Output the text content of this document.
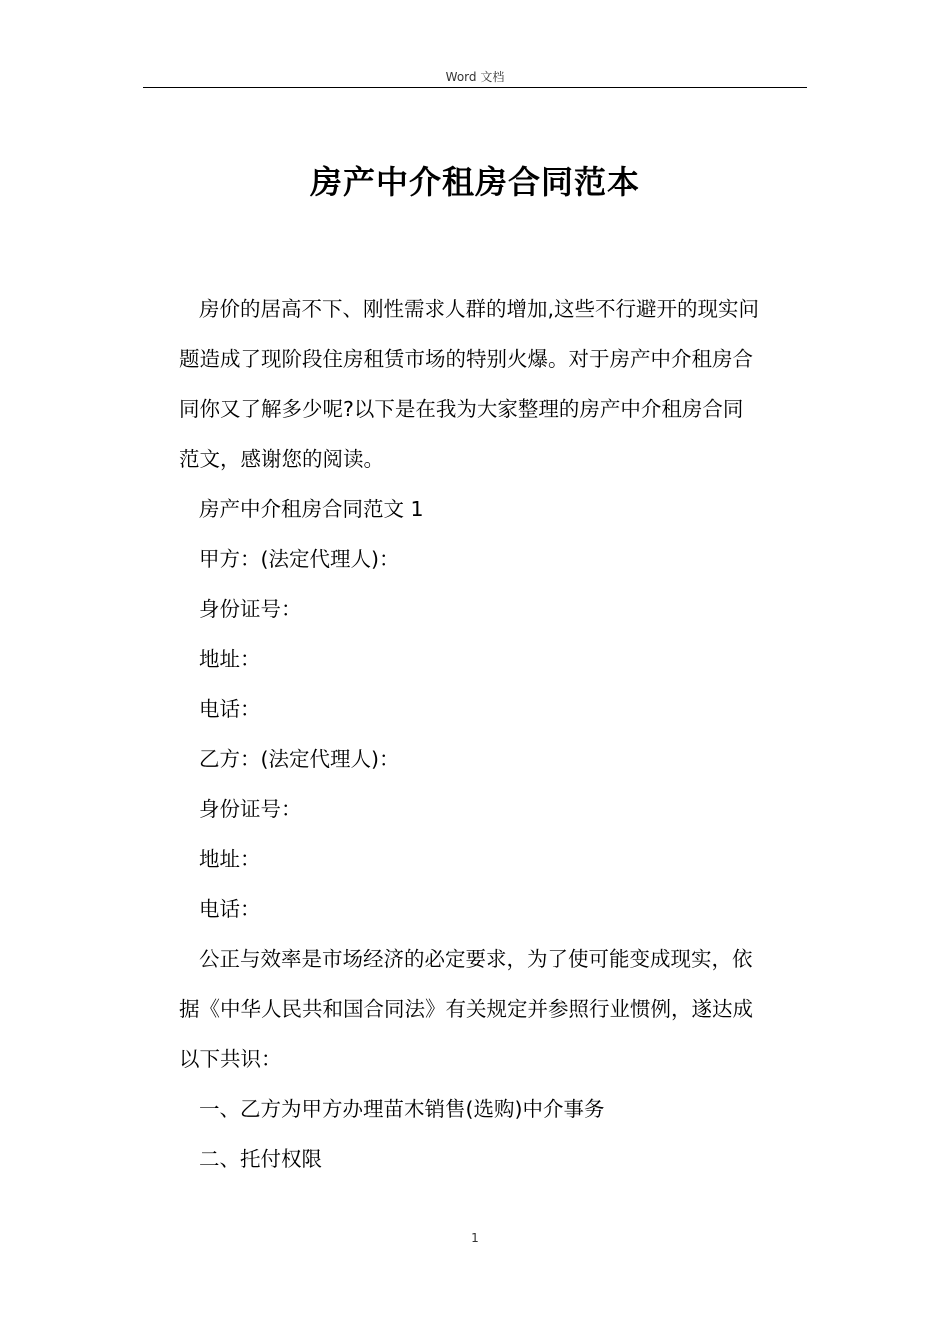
Word 文档
房产中介租房合同范本

房价的居高不下、刚性需求人群的增加,这些不行避开的现实问
题造成了现阶段住房租赁市场的特别火爆。对于房产中介租房合
同你又了解多少呢?以下是在我为大家整理的房产中介租房合同
范文，感谢您的阅读。

房产中介租房合同范文 1

甲方：(法定代理人)：

身份证号：

地址：

电话：

乙方：(法定代理人)：

身份证号：

地址：

电话：

公正与效率是市场经济的必定要求，为了使可能变成现实，依
据《中华人民共和国合同法》有关规定并参照行业惯例，遂达成
以下共识：

一、乙方为甲方办理苗木销售(选购)中介事务

二、托付权限

1
